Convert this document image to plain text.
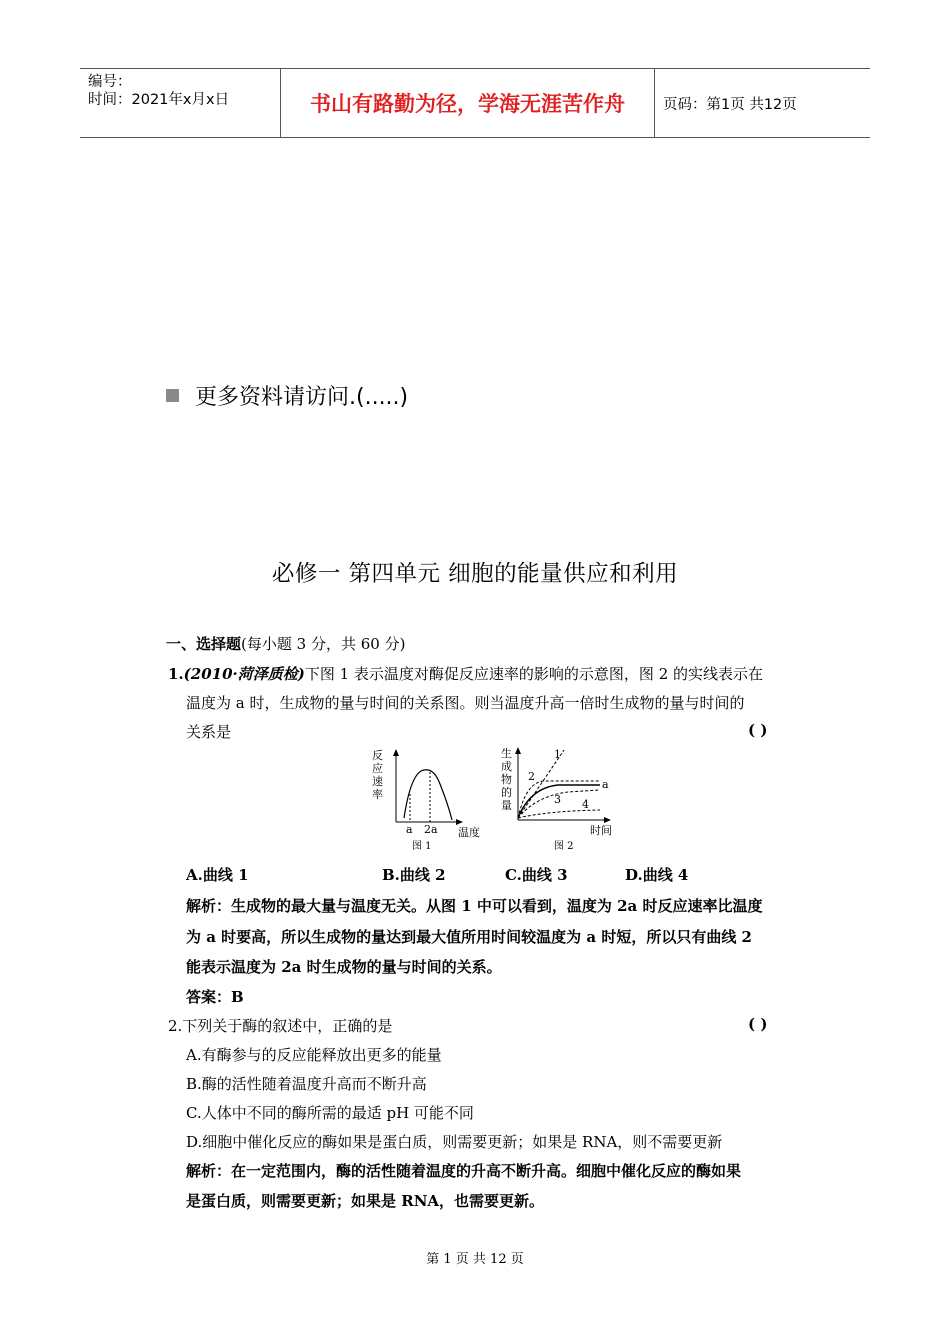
编号：
时间：2021年x月x日	书山有路勤为径，学海无涯苦作舟	页码：第1页 共12页
更多资料请访问.(.....)
必修一 第四单元 细胞的能量供应和利用
一、选择题(每小题 3 分，共 60 分)
1.(2010·菏泽质检)下图 1 表示温度对酶促反应速率的影响的示意图，图 2 的实线表示在
温度为 a 时，生成物的量与时间的关系图。则当温度升高一倍时生成物的量与时间的
关系是	( )
反
应
速
率
a 2a 温度
图 1
生
成
物
的
量
1
2
3 4
a
时间
图 2
A.曲线 1	B.曲线 2	C.曲线 3	D.曲线 4
解析：生成物的最大量与温度无关。从图 1 中可以看到，温度为 2a 时反应速率比温度
为 a 时要高，所以生成物的量达到最大值所用时间较温度为 a 时短，所以只有曲线 2
能表示温度为 2a 时生成物的量与时间的关系。
答案：B
2.下列关于酶的叙述中，正确的是	( )
A.有酶参与的反应能释放出更多的能量
B.酶的活性随着温度升高而不断升高
C.人体中不同的酶所需的最适 pH 可能不同
D.细胞中催化反应的酶如果是蛋白质，则需要更新；如果是 RNA，则不需要更新
解析：在一定范围内，酶的活性随着温度的升高不断升高。细胞中催化反应的酶如果
是蛋白质，则需要更新；如果是 RNA，也需要更新。
第 1 页 共 12 页
